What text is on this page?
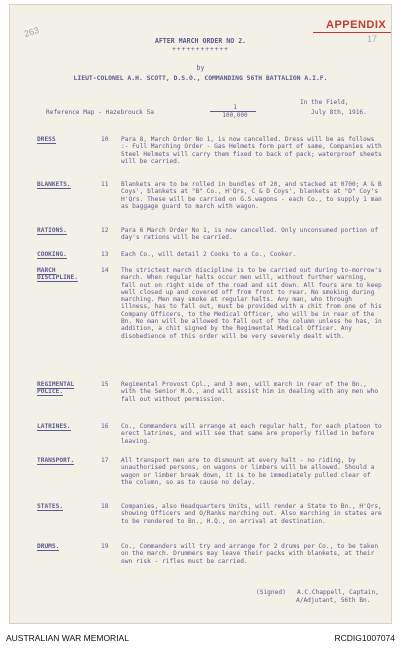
263	17
APPENDIX
AFTER MARCH ORDER NO 2.
++++++++++++
by
LIEUT-COLONEL A.H. SCOTT, D.S.O., COMMANDING 56TH BATTALION A.I.F.
In the Field,
Reference Map - Hazebrouck 5a
1
100,000	July 8th, 1916.
DRESS	10 Para 8, March Order No 1, is now cancelled. Dress will be as follows :- Full Marching Order - Gas Helmets form part of same, Companies with Steel Helmets will carry them fixed to back of pack; waterproof sheets will be carried.
BLANKETS.	11 Blankets are to be rolled in bundles of 20, and stacked at 0700; A & B Coys', blankets at "B" Co., H'Qrs, C & D Coys', blankets at "D" Coy's H'Qrs. These will be carried on G.S.wagons - each Co., to supply 1 man as baggage guard to march with wagon.
RATIONS.	12 Para 6 March Order No 1, is now cancelled. Only unconsumed portion of day's rations will be carried.
COOKING.	13 Each Co., will detail 2 Cooks to a Co., Cooker.
MARCH DISCIPLINE.
14 The strictest march discipline is to be carried out during to-morrow's march. When regular halts occur men will, without further warning, fall out on right side of the road and sit down. All fours are to keep well closed up and covered off from front to rear. No smoking during marching. Men may smoke at regular halts. Any man, who through illness, has to fall out, must be provided with a chit from one of his Company Officers, to the Medical Officer, who will be in rear of the Bn. No man will be allowed to fall out of the column unless he has, in addition, a chit signed by the Regimental Medical Officer. Any disobedience of this order will be very severely dealt with.
REGIMENTAL POLICE.
15 Regimental Provost Cpl., and 3 men, will march in rear of the Bn., with the Senior M.O., and will assist him in dealing with any men who fall out without permission.
LATRINES.	16 Co., Commanders will arrange at each regular halt, for each platoon to erect latrines, and will see that same are properly filled in before leaving.
TRANSPORT.	17 All transport men are to dismount at every halt - no riding, by unauthorised persons, on wagons or limbers will be allowed. Should a wagon or limber break down, it is to be immediately pulled clear of the column, so as to cause no delay.
STATES.	18 Companies, also Headquarters Units, will render a State to Bn., H'Qrs, showing Officers and O/Ranks marching out. Also marching in states are to be rendered to Bn., H.Q., on arrival at destination.
DRUMS.	19 Co., Commanders will try and arrange for 2 drums per Co., to be taken on the march. Drummers may leave their packs with blankets, at their own risk - rifles must be carried.
(Signed)   A.C.Chappell, Captain,
A/Adjutant, 56th Bn.
AUSTRALIAN WAR MEMORIAL	RCDIG1007074
